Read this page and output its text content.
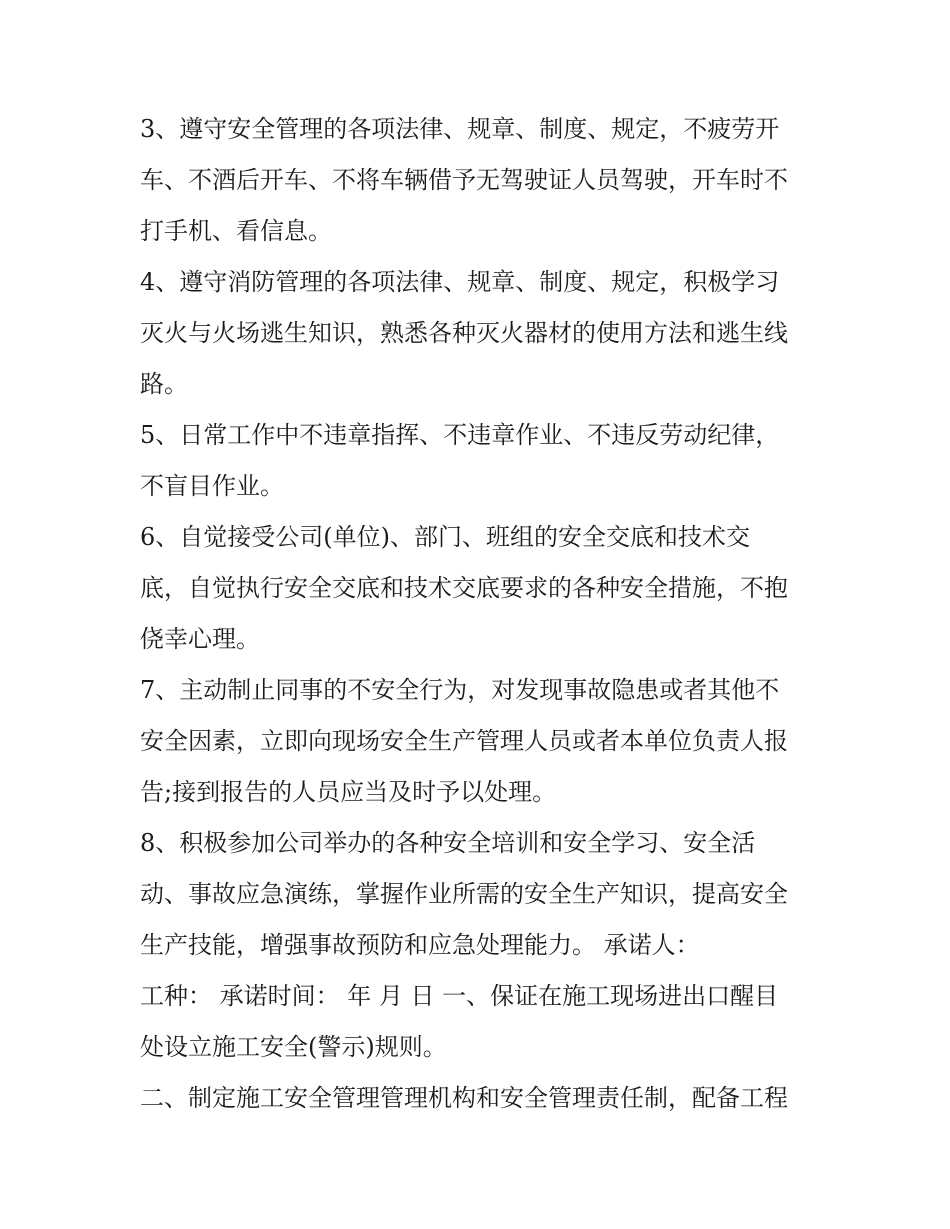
3、遵守安全管理的各项法律、规章、制度、规定，不疲劳开
车、不酒后开车、不将车辆借予无驾驶证人员驾驶，开车时不
打手机、看信息。
4、遵守消防管理的各项法律、规章、制度、规定，积极学习
灭火与火场逃生知识，熟悉各种灭火器材的使用方法和逃生线
路。
5、日常工作中不违章指挥、不违章作业、不违反劳动纪律，
不盲目作业。
6、自觉接受公司(单位)、部门、班组的安全交底和技术交
底，自觉执行安全交底和技术交底要求的各种安全措施，不抱
侥幸心理。
7、主动制止同事的不安全行为，对发现事故隐患或者其他不
安全因素，立即向现场安全生产管理人员或者本单位负责人报
告;接到报告的人员应当及时予以处理。
8、积极参加公司举办的各种安全培训和安全学习、安全活
动、事故应急演练，掌握作业所需的安全生产知识，提高安全
生产技能，增强事故预防和应急处理能力。 承诺人：
工种： 承诺时间： 年 月 日 一、保证在施工现场进出口醒目
处设立施工安全(警示)规则。
二、制定施工安全管理管理机构和安全管理责任制，配备工程
